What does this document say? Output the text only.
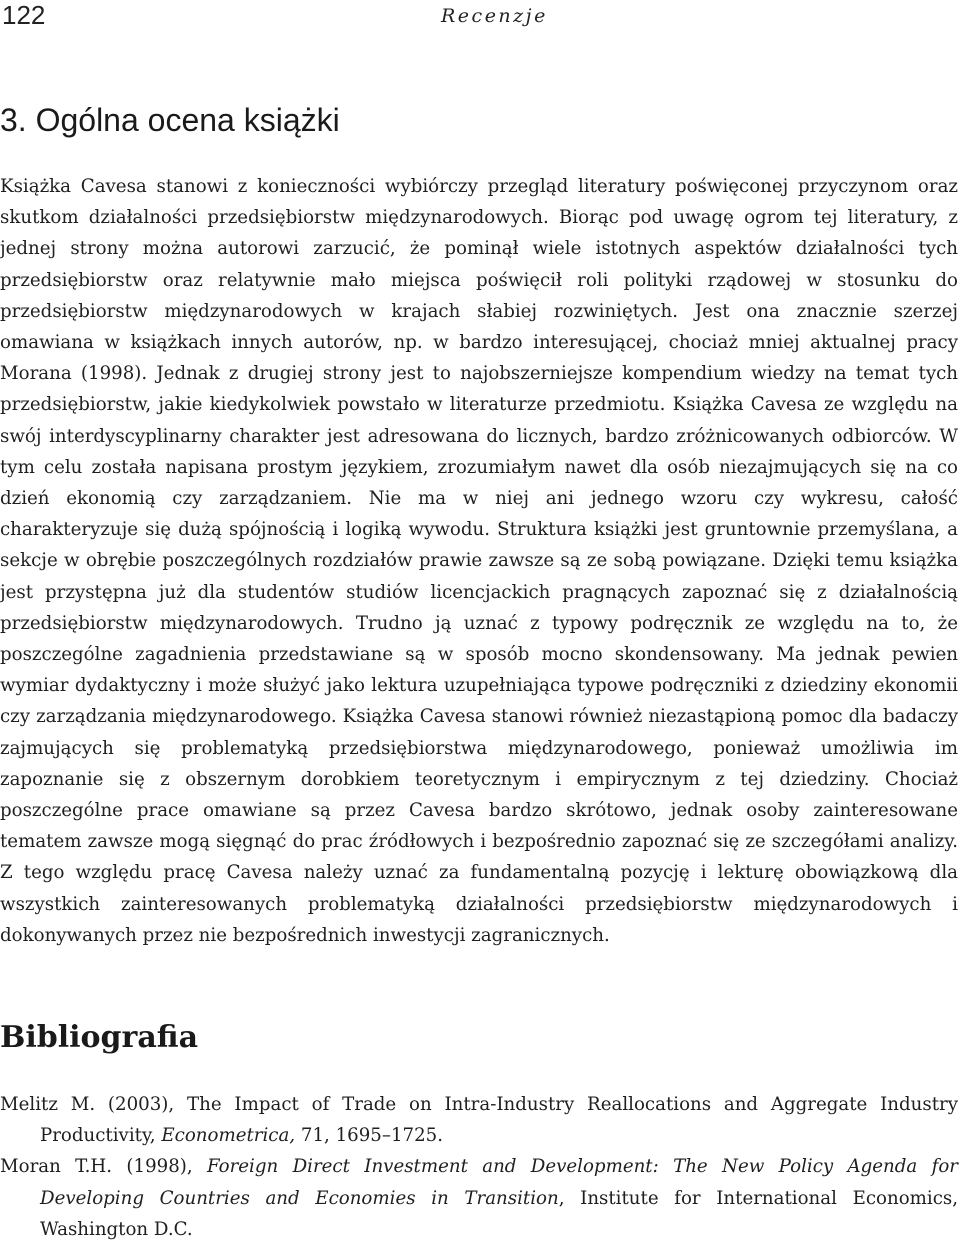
122	Recenzje
3. Ogólna ocena książki

Książka Cavesa stanowi z konieczności wybiórczy przegląd literatury poświęconej przyczynom oraz skutkom działalności przedsiębiorstw międzynarodowych. Biorąc pod uwagę ogrom tej literatury, z jednej strony można autorowi zarzucić, że pominął wiele istotnych aspektów działalności tych przedsiębiorstw oraz relatywnie mało miejsca poświęcił roli polityki rządowej w stosunku do przedsiębiorstw międzynarodowych w krajach słabiej rozwiniętych. Jest ona znacznie szerzej omawiana w książkach innych autorów, np. w bardzo interesującej, chociaż mniej aktualnej pracy Morana (1998). Jednak z drugiej strony jest to najobszerniejsze kompendium wiedzy na temat tych przedsiębiorstw, jakie kiedykolwiek powstało w literaturze przedmiotu. Książka Cavesa ze względu na swój interdyscyplinarny charakter jest adresowana do licznych, bardzo zróżnicowanych odbiorców. W tym celu została napisana prostym językiem, zrozumiałym nawet dla osób niezajmujących się na co dzień ekonomią czy zarządzaniem. Nie ma w niej ani jednego wzoru czy wykresu, całość charakteryzuje się dużą spójnością i logiką wywodu. Struktura książki jest gruntownie przemyślana, a sekcje w obrębie poszczególnych rozdziałów prawie zawsze są ze sobą powiązane. Dzięki temu książka jest przystępna już dla studentów studiów licencjackich pragnących zapoznać się z działalnością przedsiębiorstw międzynarodowych. Trudno ją uznać z typowy podręcznik ze względu na to, że poszczególne zagadnienia przedstawiane są w sposób mocno skondensowany. Ma jednak pewien wymiar dydaktyczny i może służyć jako lektura uzupełniająca typowe podręczniki z dziedziny ekonomii czy zarządzania międzynarodowego. Książka Cavesa stanowi również niezastąpioną pomoc dla badaczy zajmujących się problematyką przedsiębiorstwa międzynarodowego, ponieważ umożliwia im zapoznanie się z obszernym dorobkiem teoretycznym i empirycznym z tej dziedziny. Chociaż poszczególne prace omawiane są przez Cavesa bardzo skrótowo, jednak osoby zainteresowane tematem zawsze mogą sięgnąć do prac źródłowych i bezpośrednio zapoznać się ze szczegółami analizy. Z tego względu pracę Cavesa należy uznać za fundamentalną pozycję i lekturę obowiązkową dla wszystkich zainteresowanych problematyką działalności przedsiębiorstw międzynarodowych i dokonywanych przez nie bezpośrednich inwestycji zagranicznych.

Bibliografia
Melitz M. (2003), The Impact of Trade on Intra-Industry Reallocations and Aggregate Industry Productivity, Econometrica, 71, 1695–1725.
Moran T.H. (1998), Foreign Direct Investment and Development: The New Policy Agenda for Developing Countries and Economies in Transition, Institute for International Economics, Washington D.C.
